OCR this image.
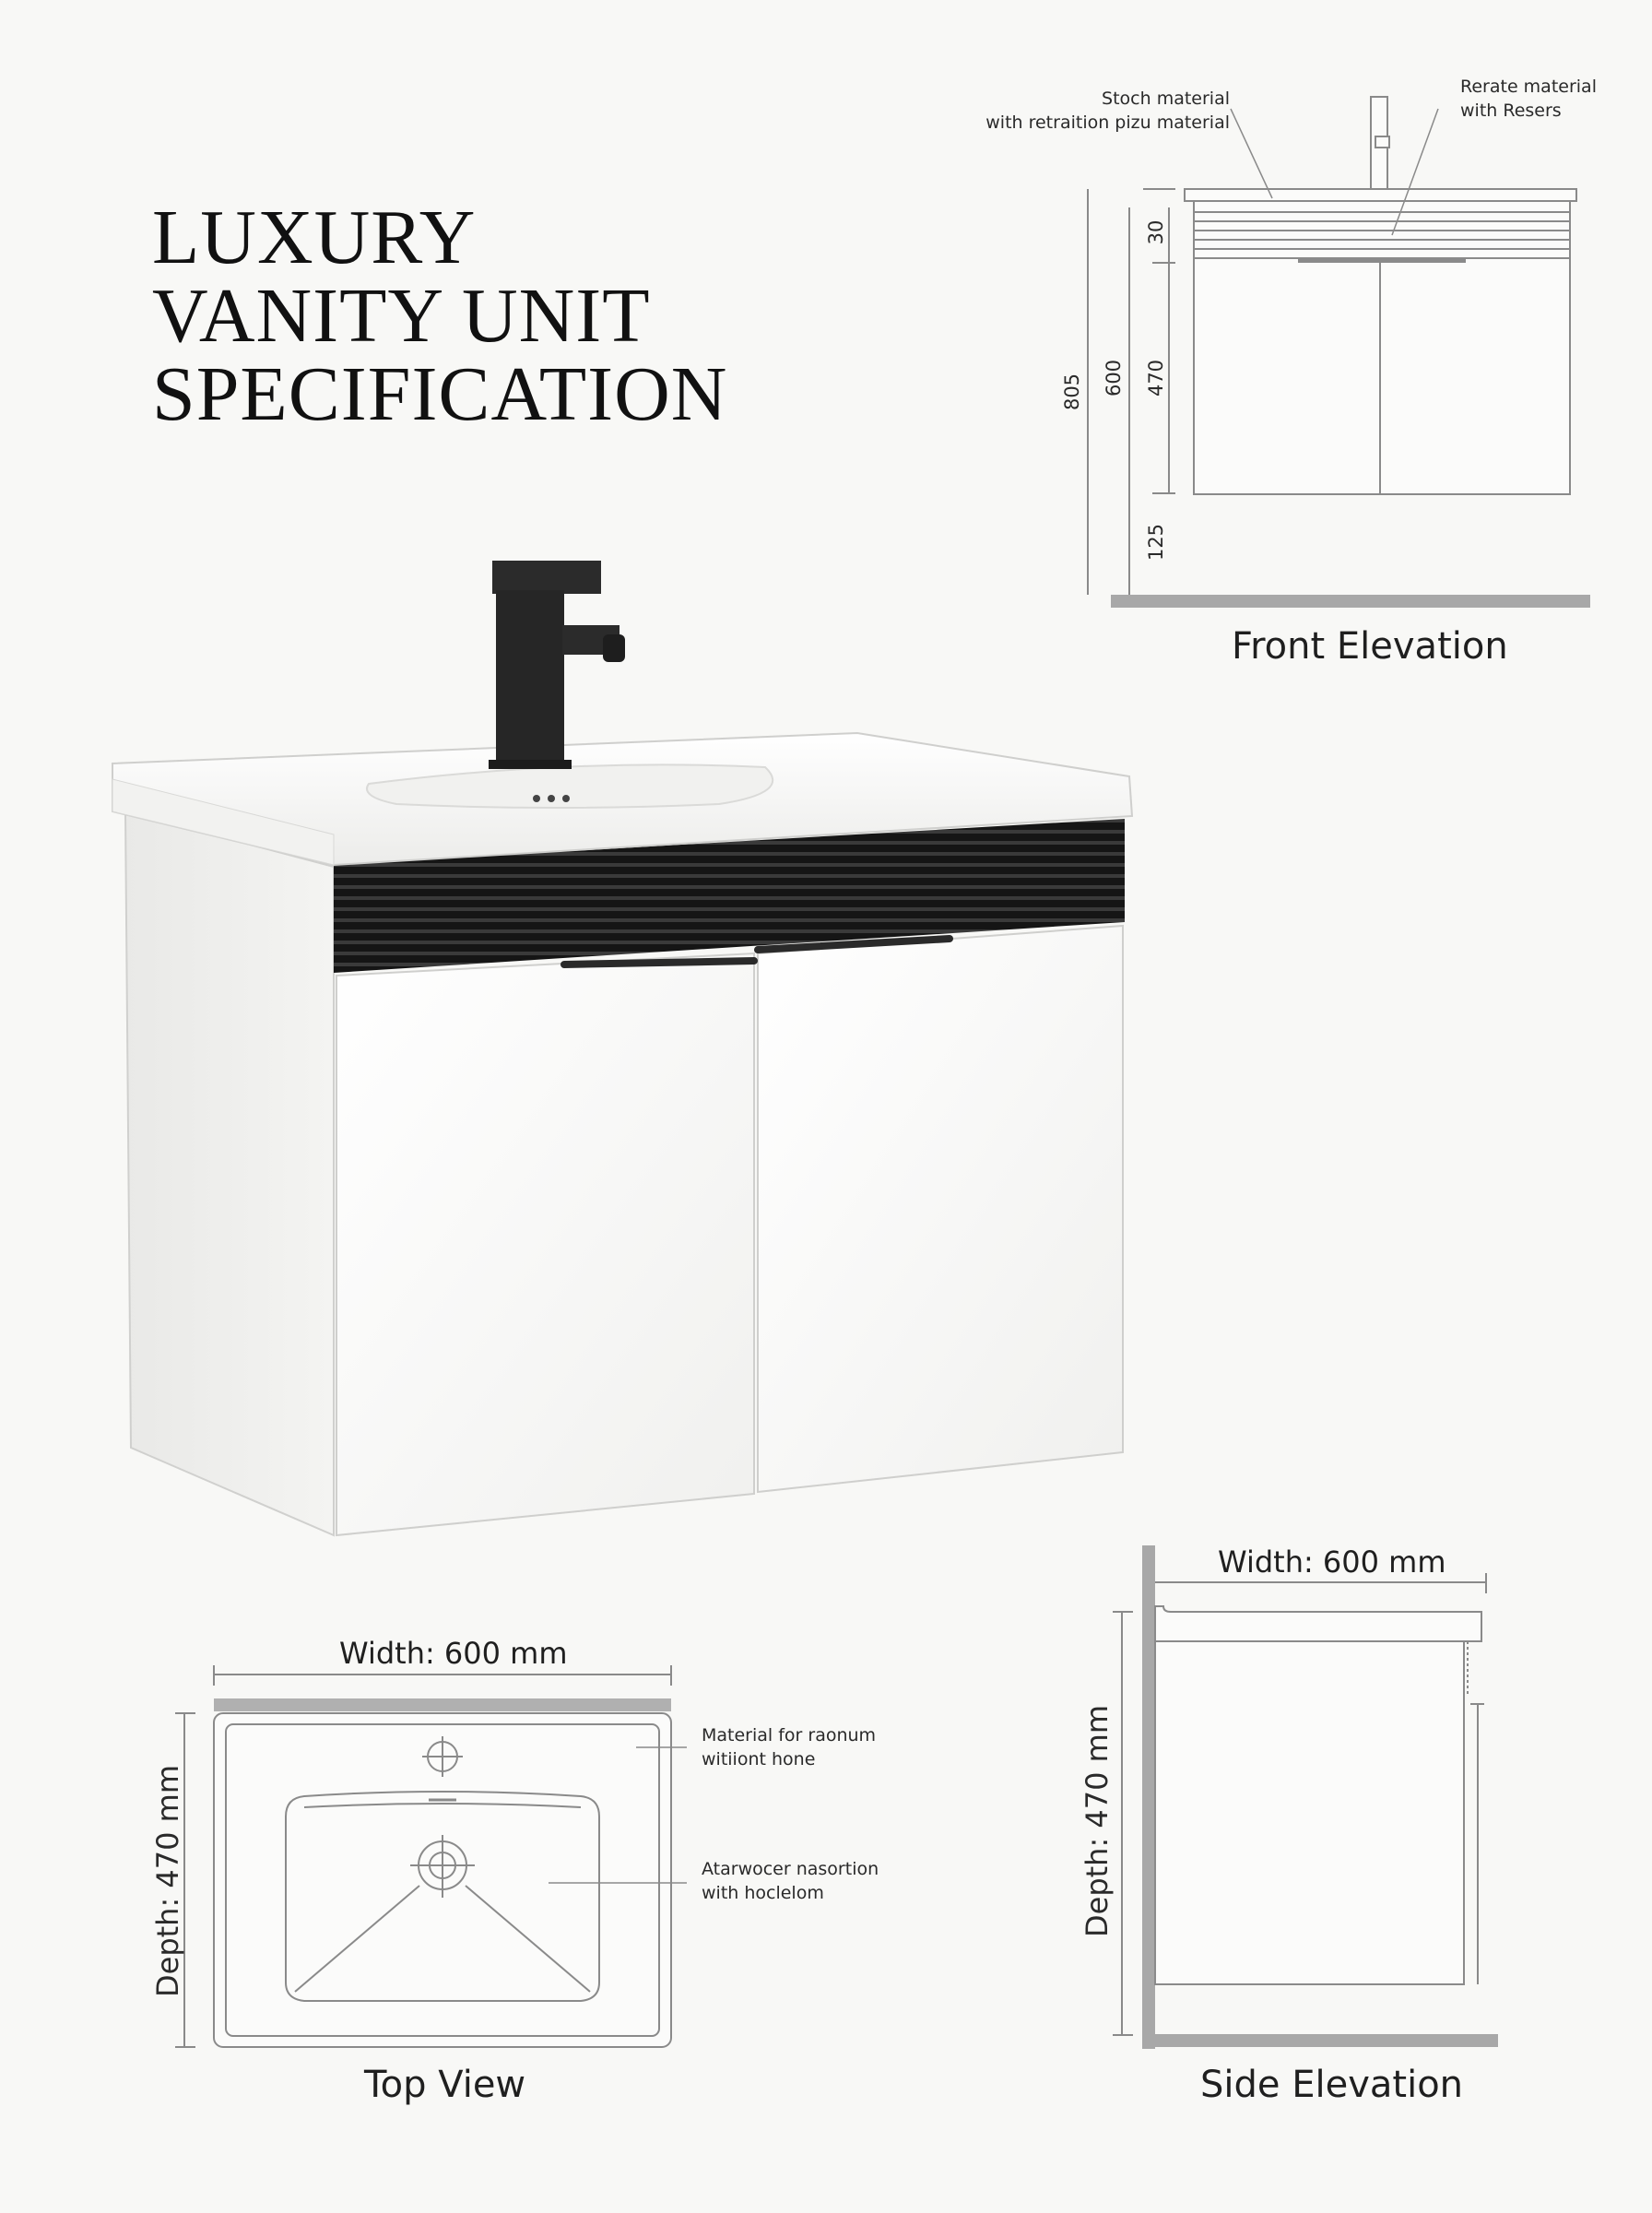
LUXURY
VANITY UNIT
SPECIFICATION
Stoch material
with retraition pizu material
Rerate material
with Resers
805 600
30
470
125
Front Elevation
Width: 600 mm
Depth: 470 mm
Material for raonum
witiiont hone
Atarwocer nasortion
with hoclelom
Top View
Width: 600 mm
Depth: 470 mm
Side Elevation
